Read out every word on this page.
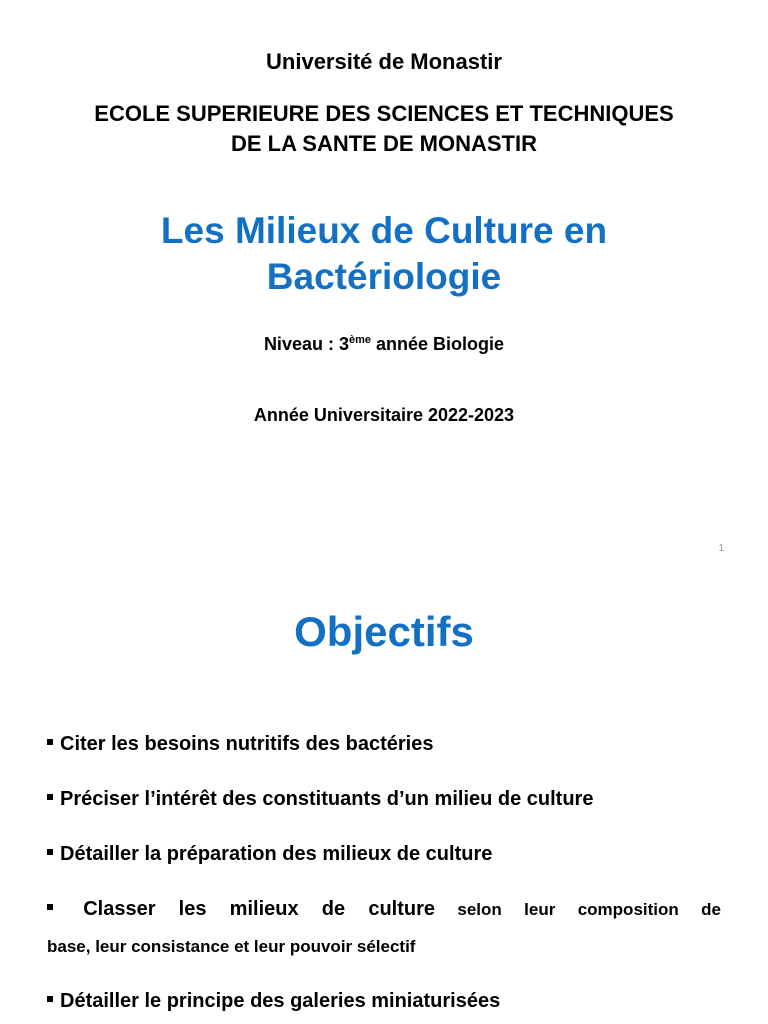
Université de Monastir
ECOLE SUPERIEURE DES SCIENCES ET TECHNIQUES
DE LA SANTE DE MONASTIR
Les Milieux de Culture en
Bactériologie
Niveau : 3ème année Biologie
Année Universitaire 2022-2023
1
Objectifs
Citer les besoins nutritifs des bactéries
Préciser l’intérêt des constituants d’un milieu de culture
Détailler la préparation des milieux de culture
Classer les milieux de culture selon leur composition de
base, leur consistance et leur pouvoir sélectif
Détailler le principe des galeries miniaturisées
